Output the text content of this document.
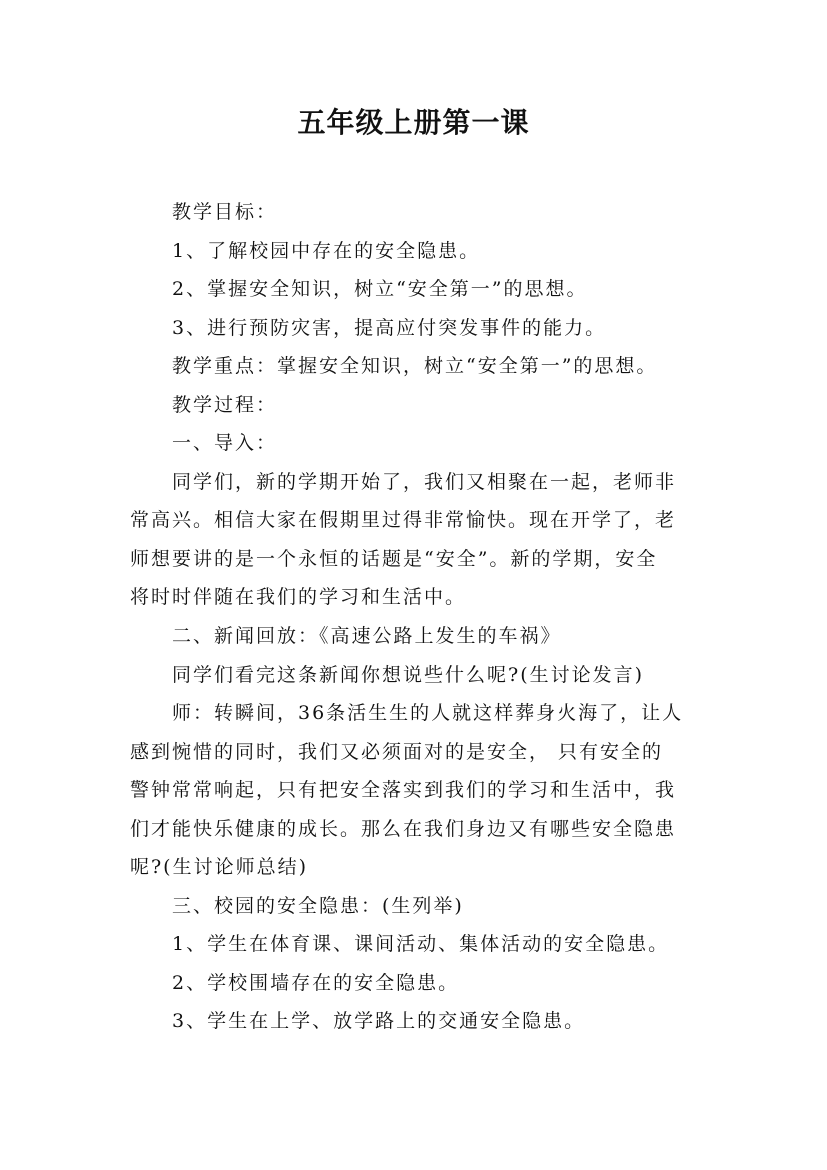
五年级上册第一课
教学目标：
1、了解校园中存在的安全隐患。
2、掌握安全知识，树立“安全第一”的思想。
3、进行预防灾害，提高应付突发事件的能力。
教学重点：掌握安全知识，树立“安全第一”的思想。
教学过程：
一、导入：
同学们，新的学期开始了，我们又相聚在一起，老师非
常高兴。相信大家在假期里过得非常愉快。现在开学了，老
师想要讲的是一个永恒的话题是“安全”。新的学期，安全
将时时伴随在我们的学习和生活中。
二、新闻回放：《高速公路上发生的车祸》
同学们看完这条新闻你想说些什么呢?(生讨论发言)
师：转瞬间，36条活生生的人就这样葬身火海了，让人
感到惋惜的同时，我们又必须面对的是安全， 只有安全的
警钟常常响起，只有把安全落实到我们的学习和生活中，我
们才能快乐健康的成长。那么在我们身边又有哪些安全隐患
呢?(生讨论师总结)
三、校园的安全隐患：(生列举)
1、学生在体育课、课间活动、集体活动的安全隐患。
2、学校围墙存在的安全隐患。
3、学生在上学、放学路上的交通安全隐患。
